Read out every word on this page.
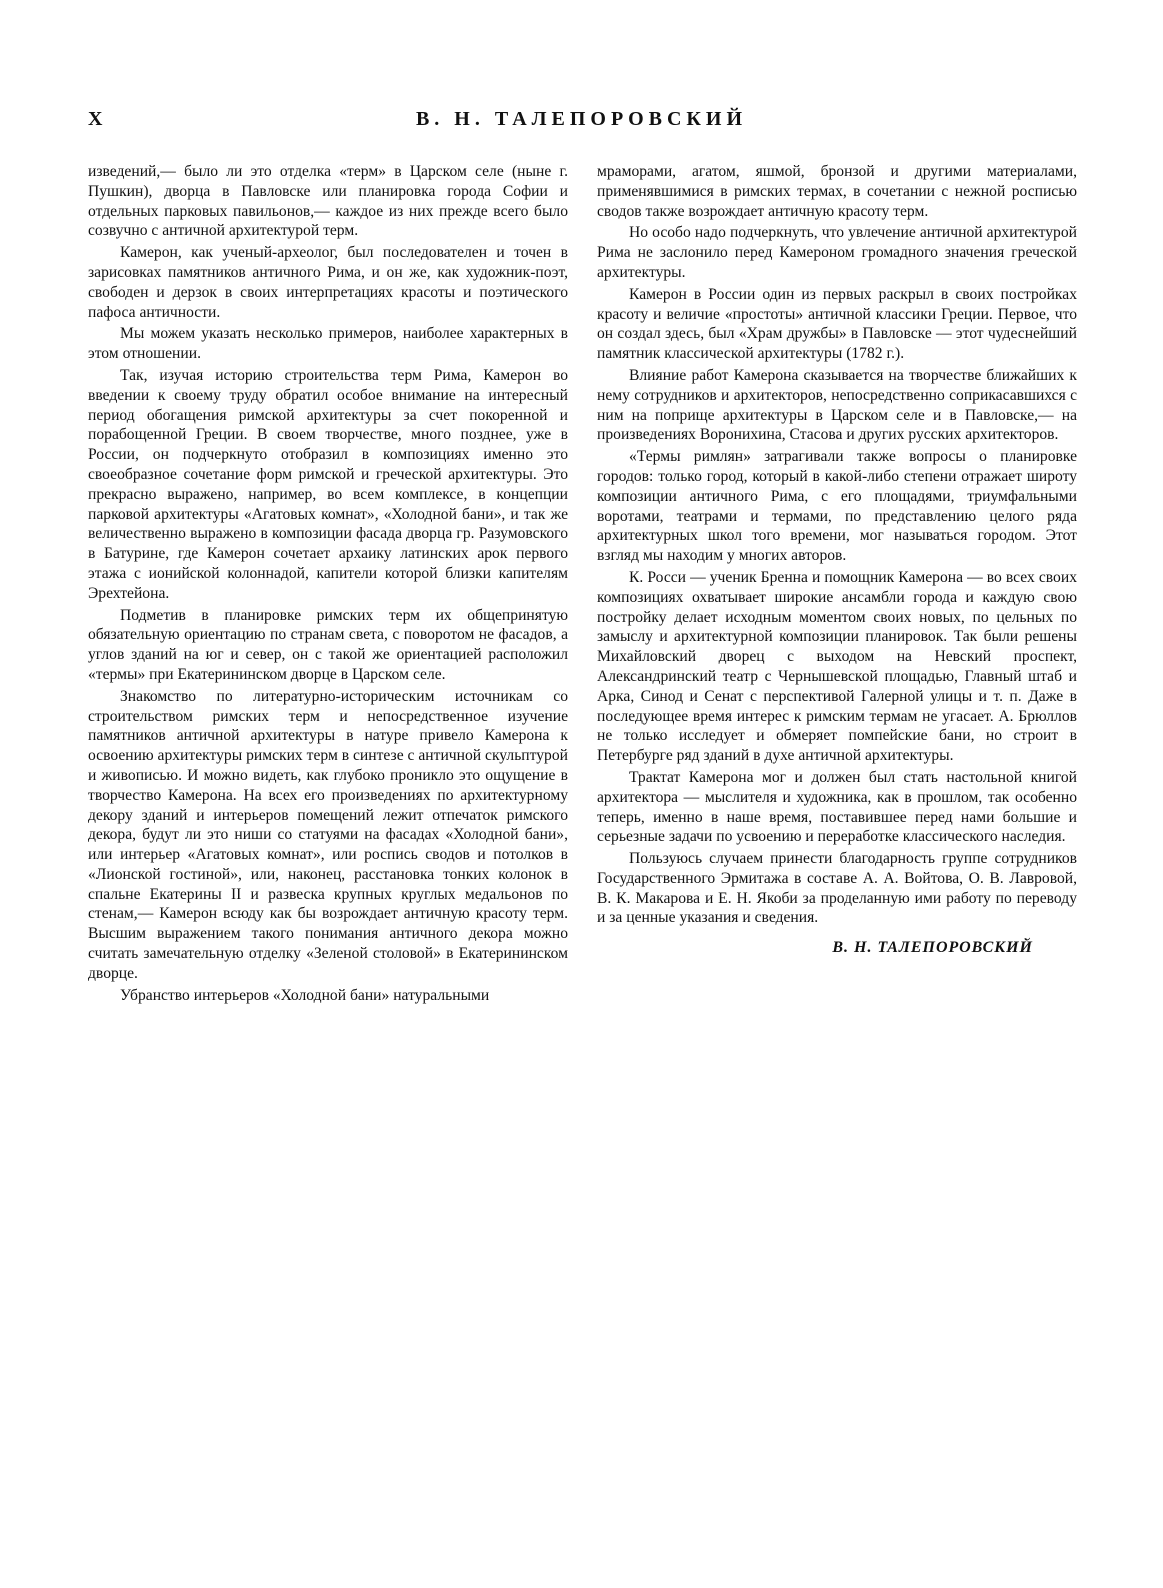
X	В. Н. ТАЛЕПОРОВСКИЙ

изведений,— было ли это отделка «терм» в Царском селе (ныне г. Пушкин), дворца в Павловске или планировка города Софии и отдельных парковых павильонов,— каждое из них прежде всего было созвучно с античной архитектурой терм.

Камерон, как ученый-археолог, был последователен и точен в зарисовках памятников античного Рима, и он же, как художник-поэт, свободен и дерзок в своих интерпретациях красоты и поэтического пафоса античности.

Мы можем указать несколько примеров, наиболее характерных в этом отношении.

Так, изучая историю строительства терм Рима, Камерон во введении к своему труду обратил особое внимание на интересный период обогащения римской архитектуры за счет покоренной и порабощенной Греции. В своем творчестве, много позднее, уже в России, он подчеркнуто отобразил в композициях именно это своеобразное сочетание форм римской и греческой архитектуры. Это прекрасно выражено, например, во всем комплексе, в концепции парковой архитектуры «Агатовых комнат», «Холодной бани», и так же величественно выражено в композиции фасада дворца гр. Разумовского в Батурине, где Камерон сочетает архаику латинских арок первого этажа с ионийской колоннадой, капители которой близки капителям Эрехтейона.

Подметив в планировке римских терм их общепринятую обязательную ориентацию по странам света, с поворотом не фасадов, а углов зданий на юг и север, он с такой же ориентацией расположил «термы» при Екатерининском дворце в Царском селе.

Знакомство по литературно-историческим источникам со строительством римских терм и непосредственное изучение памятников античной архитектуры в натуре привело Камерона к освоению архитектуры римских терм в синтезе с античной скульптурой и живописью. И можно видеть, как глубоко проникло это ощущение в творчество Камерона. На всех его произведениях по архитектурному декору зданий и интерьеров помещений лежит отпечаток римского декора, будут ли это ниши со статуями на фасадах «Холодной бани», или интерьер «Агатовых комнат», или роспись сводов и потолков в «Лионской гостиной», или, наконец, расстановка тонких колонок в спальне Екатерины II и развеска крупных круглых медальонов по стенам,— Камерон всюду как бы возрождает античную красоту терм. Высшим выражением такого понимания античного декора можно считать замечательную отделку «Зеленой столовой» в Екатерининском дворце.

Убранство интерьеров «Холодной бани» натуральными

мраморами, агатом, яшмой, бронзой и другими материалами, применявшимися в римских термах, в сочетании с нежной росписью сводов также возрождает античную красоту терм.

Но особо надо подчеркнуть, что увлечение античной архитектурой Рима не заслонило перед Камероном громадного значения греческой архитектуры.

Камерон в России один из первых раскрыл в своих постройках красоту и величие «простоты» античной классики Греции. Первое, что он создал здесь, был «Храм дружбы» в Павловске — этот чудеснейший памятник классической архитектуры (1782 г.).

Влияние работ Камерона сказывается на творчестве ближайших к нему сотрудников и архитекторов, непосредственно соприкасавшихся с ним на поприще архитектуры в Царском селе и в Павловске,— на произведениях Воронихина, Стасова и других русских архитекторов.

«Термы римлян» затрагивали также вопросы о планировке городов: только город, который в какой-либо степени отражает широту композиции античного Рима, с его площадями, триумфальными воротами, театрами и термами, по представлению целого ряда архитектурных школ того времени, мог называться городом. Этот взгляд мы находим у многих авторов.

К. Росси — ученик Бренна и помощник Камерона — во всех своих композициях охватывает широкие ансамбли города и каждую свою постройку делает исходным моментом своих новых, по цельных по замыслу и архитектурной композиции планировок. Так были решены Михайловский дворец с выходом на Невский проспект, Александринский театр с Чернышевской площадью, Главный штаб и Арка, Синод и Сенат с перспективой Галерной улицы и т. п. Даже в последующее время интерес к римским термам не угасает. А. Брюллов не только исследует и обмеряет помпейские бани, но строит в Петербурге ряд зданий в духе античной архитектуры.

Трактат Камерона мог и должен был стать настольной книгой архитектора — мыслителя и художника, как в прошлом, так особенно теперь, именно в наше время, поставившее перед нами большие и серьезные задачи по усвоению и переработке классического наследия.

Пользуюсь случаем принести благодарность группе сотрудников Государственного Эрмитажа в составе А. А. Войтова, О. В. Лавровой, В. К. Макарова и Е. Н. Якоби за проделанную ими работу по переводу и за ценные указания и сведения.

В. Н. ТАЛЕПОРОВСКИЙ
